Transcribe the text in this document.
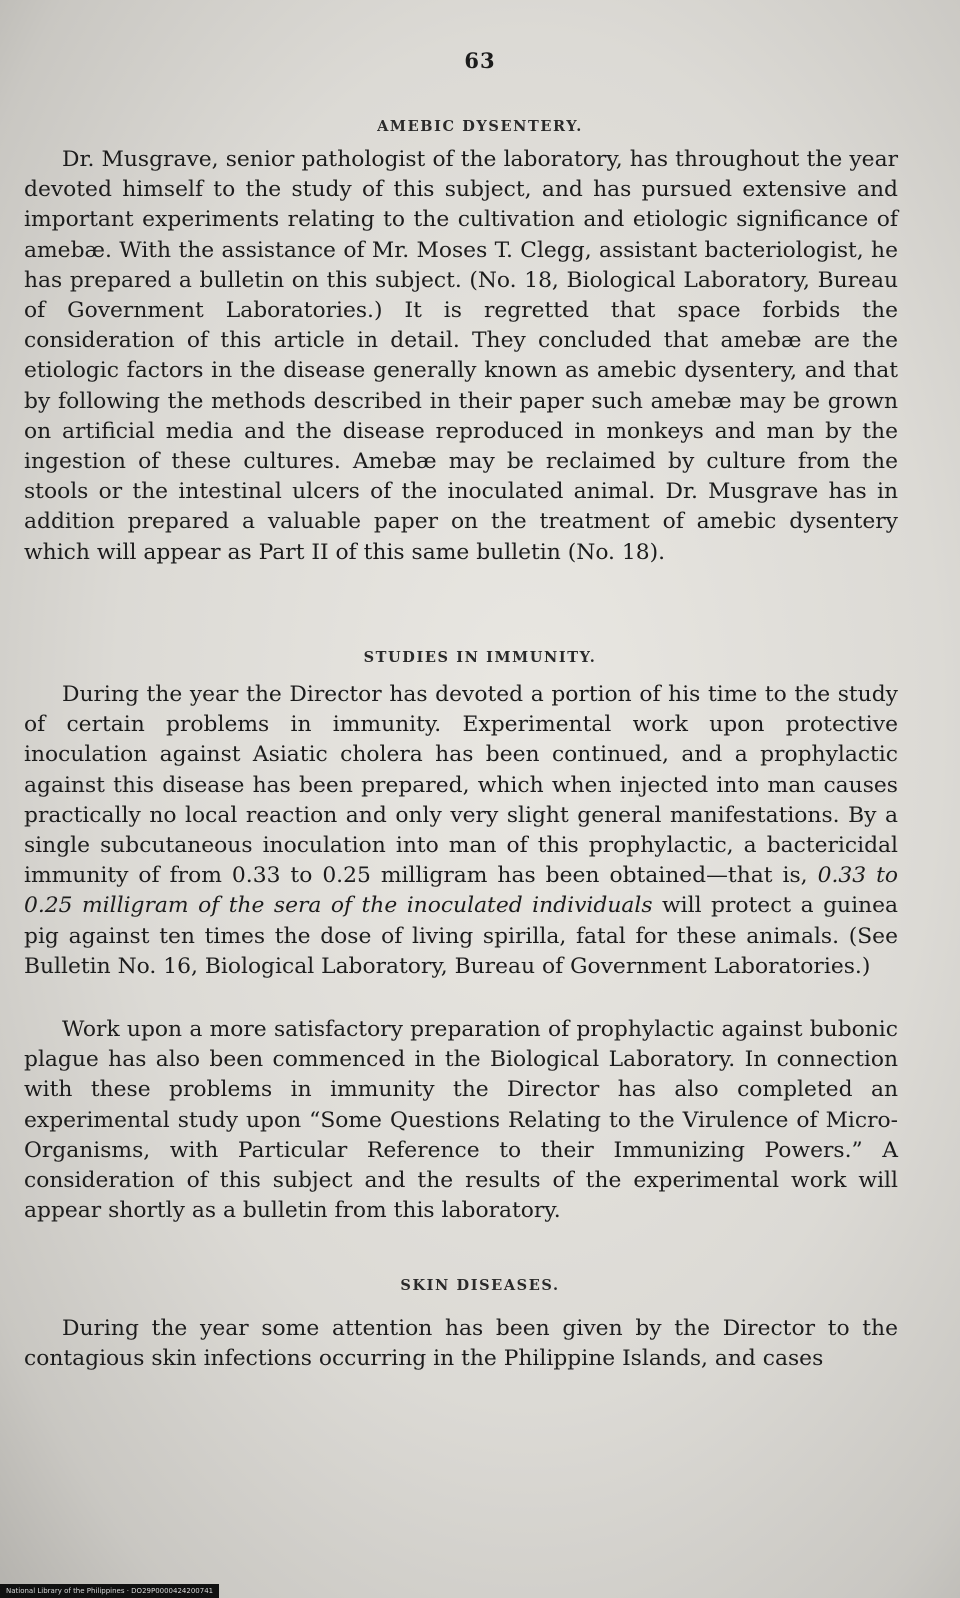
63
AMEBIC DYSENTERY.

Dr. Musgrave, senior pathologist of the laboratory, has throughout the year devoted himself to the study of this subject, and has pursued extensive and important experiments relating to the cultivation and etiologic significance of amebæ. With the assistance of Mr. Moses T. Clegg, assistant bacteriologist, he has prepared a bulletin on this subject. (No. 18, Biological Laboratory, Bureau of Government Laboratories.) It is regretted that space forbids the consideration of this article in detail. They concluded that amebæ are the etiologic factors in the disease generally known as amebic dysentery, and that by following the methods described in their paper such amebæ may be grown on artificial media and the disease reproduced in monkeys and man by the ingestion of these cultures. Amebæ may be reclaimed by culture from the stools or the intestinal ulcers of the inoculated animal. Dr. Musgrave has in addition prepared a valuable paper on the treatment of amebic dysentery which will appear as Part II of this same bulletin (No. 18).

STUDIES IN IMMUNITY.

During the year the Director has devoted a portion of his time to the study of certain problems in immunity. Experimental work upon protective inoculation against Asiatic cholera has been continued, and a prophylactic against this disease has been prepared, which when injected into man causes practically no local reaction and only very slight general manifestations. By a single subcutaneous inoculation into man of this prophylactic, a bactericidal immunity of from 0.33 to 0.25 milligram has been obtained—that is, 0.33 to 0.25 milligram of the sera of the inoculated individuals will protect a guinea pig against ten times the dose of living spirilla, fatal for these animals. (See Bulletin No. 16, Biological Laboratory, Bureau of Government Laboratories.)

Work upon a more satisfactory preparation of prophylactic against bubonic plague has also been commenced in the Biological Laboratory. In connection with these problems in immunity the Director has also completed an experimental study upon “Some Questions Relating to the Virulence of Micro-Organisms, with Particular Reference to their Immunizing Powers.” A consideration of this subject and the results of the experimental work will appear shortly as a bulletin from this laboratory.

SKIN DISEASES.

During the year some attention has been given by the Director to the contagious skin infections occurring in the Philippine Islands, and cases

National Library of the Philippines · DO29P0000424200741
